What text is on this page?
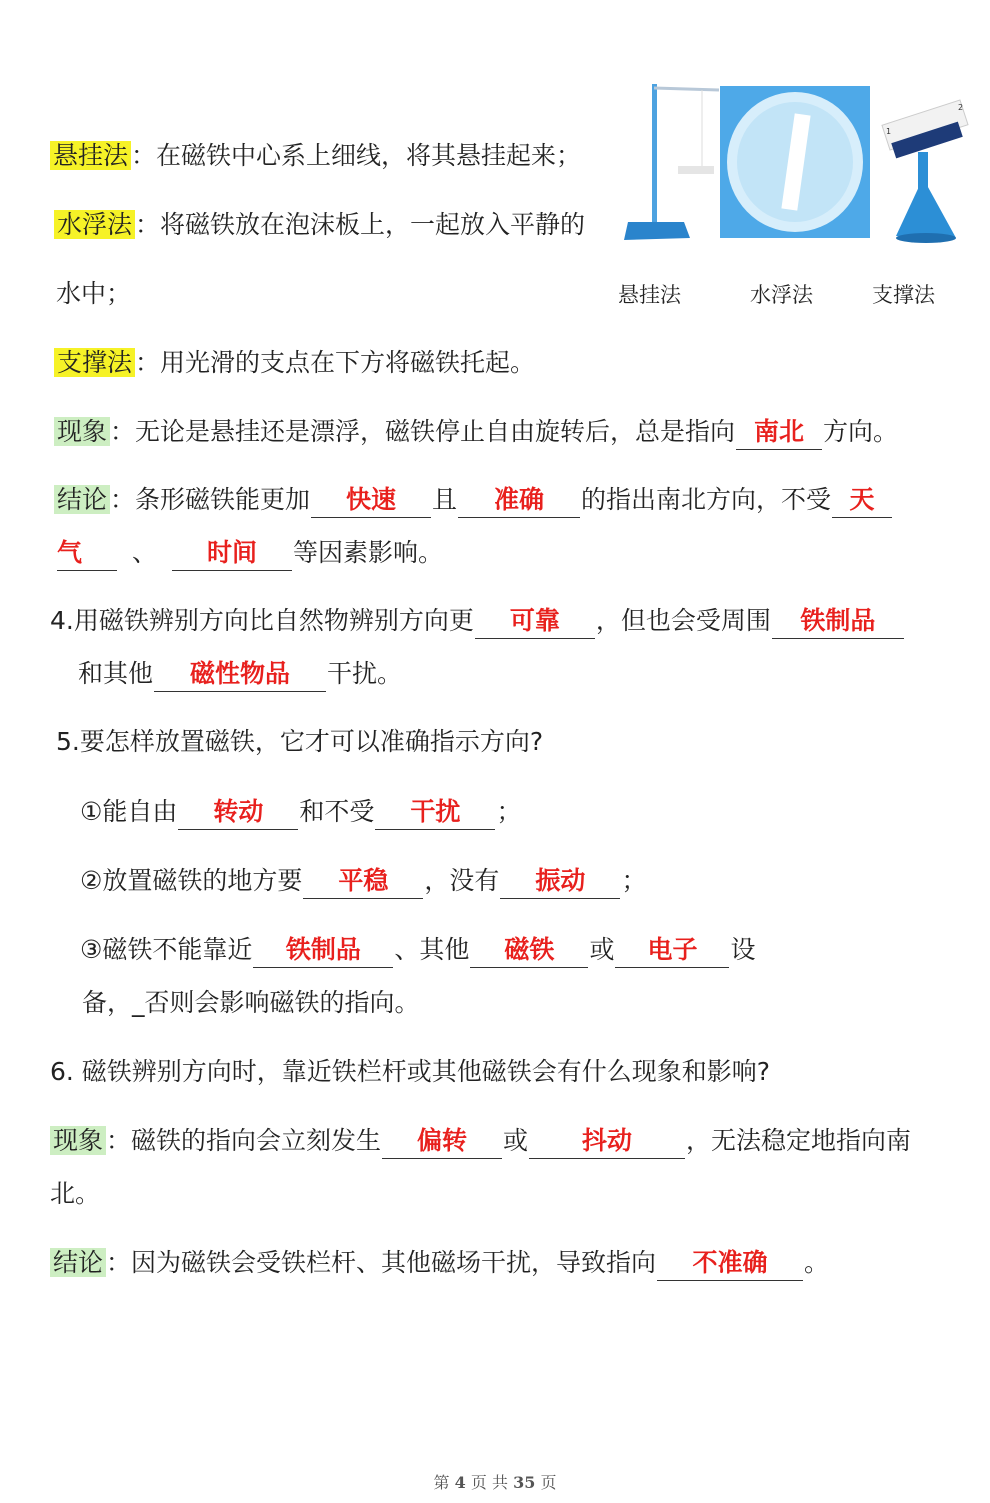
1
2
悬挂法	水浮法	支撑法
悬挂法 ：在磁铁中心系上细线，将其悬挂起来；
水浮法 ：将磁铁放在泡沫板上，一起放入平静的
水中；
支撑法 ：用光滑的支点在下方将磁铁托起。
现象 ：无论是悬挂还是漂浮，磁铁停止自由旋转后，总是指向 南北 方向。
结论 ：条形磁铁能更加 快速 且 准确 的指出南北方向，不受 天
气 、 时间 等因素影响。
4.用磁铁辨别方向比自然物辨别方向更 可靠 ，但也会受周围 铁制品
和其他 磁性物品 干扰。
5.要怎样放置磁铁，它才可以准确指示方向?
①能自由 转动 和不受 干扰 ；
②放置磁铁的地方要 平稳 ，没有 振动 ；
③磁铁不能靠近 铁制品 、其他 磁铁 或 电子 设
备，_否则会影响磁铁的指向。
6. 磁铁辨别方向时，靠近铁栏杆或其他磁铁会有什么现象和影响?
现象 ：磁铁的指向会立刻发生 偏转 或 抖动 ，无法稳定地指向南
北。
结论 ：因为磁铁会受铁栏杆、其他磁场干扰，导致指向 不准确 。
第 4 页 共 35 页
